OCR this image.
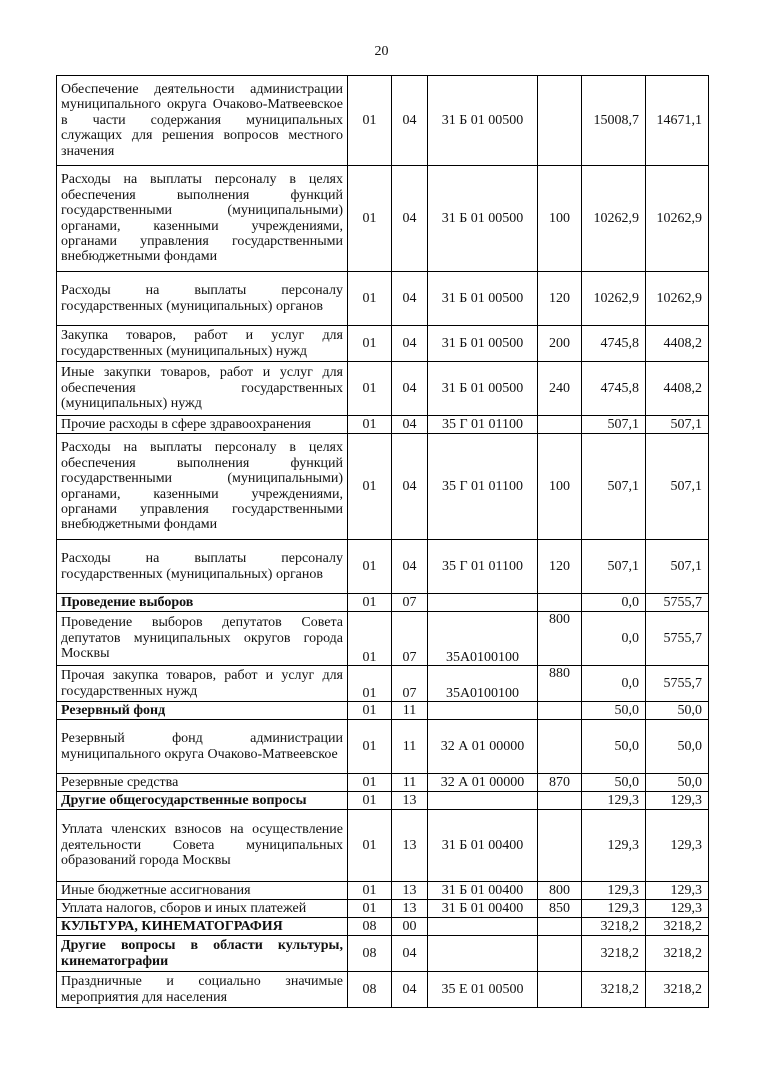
20
Обеспечение деятельности администрации муниципального округа Очаково-Матвеевское в части содержания муниципальных служащих для решения вопросов местного значения	01	04	31 Б 01 00500		15008,7	14671,1
Расходы на выплаты персоналу в целях обеспечения выполнения функций государственными (муниципальными) органами, казенными учреждениями, органами управления государственными внебюджетными фондами	01	04	31 Б 01 00500	100	10262,9	10262,9
Расходы на выплаты персоналу государственных (муниципальных) органов	01	04	31 Б 01 00500	120	10262,9	10262,9
Закупка товаров, работ и услуг для государственных (муниципальных) нужд	01	04	31 Б 01 00500	200	4745,8	4408,2
Иные закупки товаров, работ и услуг для обеспечения государственных (муниципальных) нужд	01	04	31 Б 01 00500	240	4745,8	4408,2
Прочие расходы в сфере здравоохранения	01	04	35 Г 01 01100		507,1	507,1
Расходы на выплаты персоналу в целях обеспечения выполнения функций государственными (муниципальными) органами, казенными учреждениями, органами управления государственными внебюджетными фондами	01	04	35 Г 01 01100	100	507,1	507,1
Расходы на выплаты персоналу государственных (муниципальных) органов	01	04	35 Г 01 01100	120	507,1	507,1
Проведение выборов	01	07			0,0	5755,7
Проведение выборов депутатов Совета депутатов муниципальных округов города Москвы	01	07	35А0100100	800	0,0	5755,7
Прочая закупка товаров, работ и услуг для государственных нужд	01	07	35А0100100	880	0,0	5755,7
Резервный фонд	01	11			50,0	50,0
Резервный фонд администрации муниципального округа Очаково-Матвеевское	01	11	32 А 01 00000		50,0	50,0
Резервные средства	01	11	32 А 01 00000	870	50,0	50,0
Другие общегосударственные вопросы	01	13			129,3	129,3
Уплата членских взносов на осуществление деятельности Совета муниципальных образований города Москвы	01	13	31 Б 01 00400		129,3	129,3
Иные бюджетные ассигнования	01	13	31 Б 01 00400	800	129,3	129,3
Уплата налогов, сборов и иных платежей	01	13	31 Б 01 00400	850	129,3	129,3
КУЛЬТУРА, КИНЕМАТОГРАФИЯ	08	00			3218,2	3218,2
Другие вопросы в области культуры, кинематографии	08	04			3218,2	3218,2
Праздничные и социально значимые мероприятия для населения	08	04	35 Е 01 00500		3218,2	3218,2
